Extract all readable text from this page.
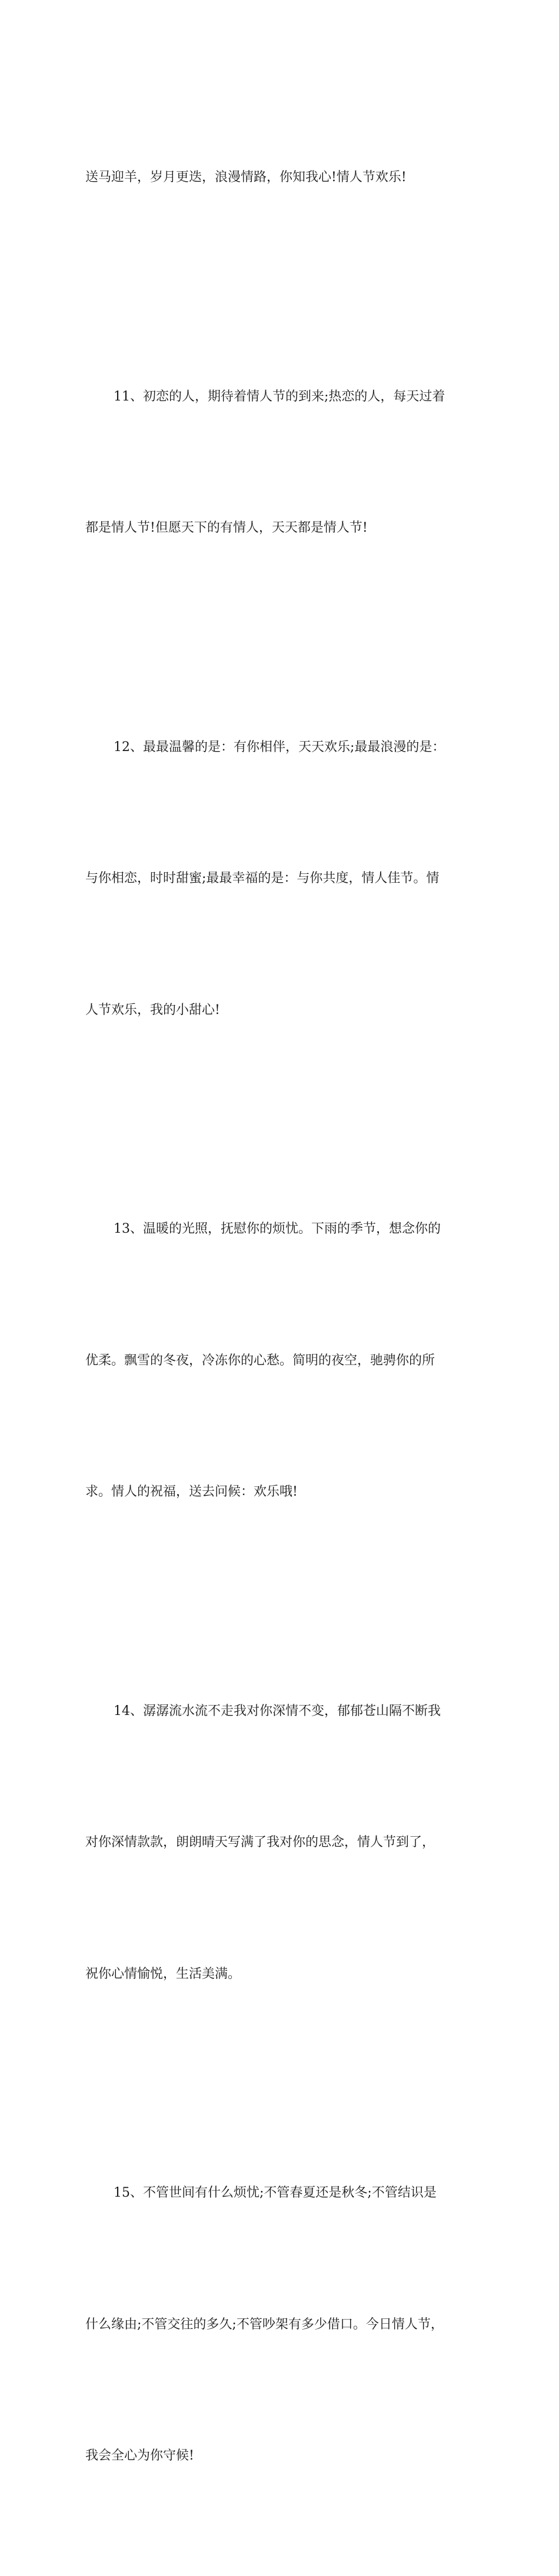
送马迎羊，岁月更迭，浪漫情路，你知我心!情人节欢乐!

11、初恋的人，期待着情人节的到来;热恋的人，每天过着

都是情人节!但愿天下的有情人，天天都是情人节!

12、最最温馨的是：有你相伴，天天欢乐;最最浪漫的是：

与你相恋，时时甜蜜;最最幸福的是：与你共度，情人佳节。情

人节欢乐，我的小甜心!

13、温暖的光照，抚慰你的烦忧。下雨的季节，想念你的

优柔。飘雪的冬夜，冷冻你的心愁。简明的夜空，驰骋你的所

求。情人的祝福，送去问候：欢乐哦!

14、潺潺流水流不走我对你深情不变，郁郁苍山隔不断我

对你深情款款，朗朗晴天写满了我对你的思念，情人节到了，

祝你心情愉悦，生活美满。

15、不管世间有什么烦忧;不管春夏还是秋冬;不管结识是

什么缘由;不管交往的多久;不管吵架有多少借口。今日情人节，

我会全心为你守候!
